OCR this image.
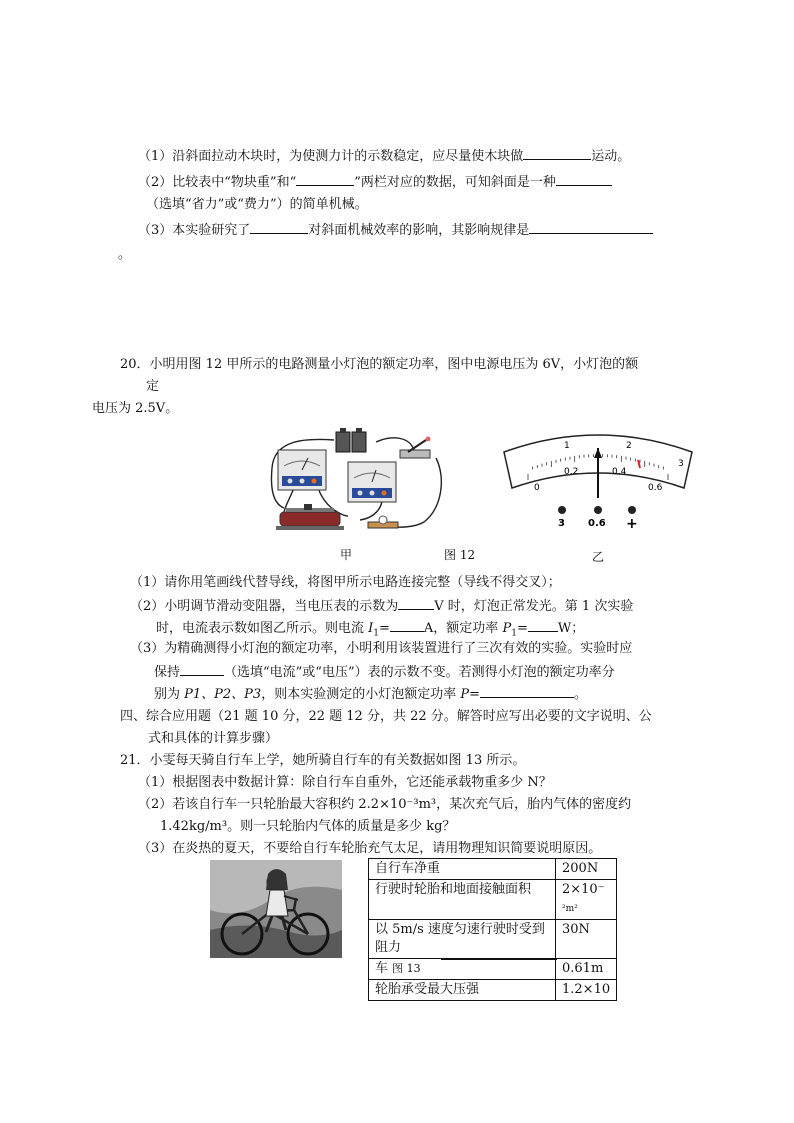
（1）沿斜面拉动木块时，为使测力计的示数稳定，应尽量使木块做	运动。
（2）比较表中“物块重”和“	”两栏对应的数据，可知斜面是一种
（选填“省力”或“费力”）的简单机械。
（3）本实验研究了	对斜面机械效率的影响，其影响规律是
。
20．小明用图 12 甲所示的电路测量小灯泡的额定功率，图中电源电压为 6V，小灯泡的额
定
电压为 2.5V。
1	2
3
0
0.2	0.4
0.6
3 0.6 +
甲	图 12	乙
（1）请你用笔画线代替导线，将图甲所示电路连接完整（导线不得交叉）；
（2）小明调节滑动变阻器，当电压表的示数为	V 时，灯泡正常发光。第 1 次实验
时，电流表示数如图乙所示。则电流 $I_1=$	A，额定功率 $P_1= W$；
（3）为精确测得小灯泡的额定功率，小明利用该装置进行了三次有效的实验。实验时应
保持	（选填“电流”或“电压”）表的示数不变。若测得小灯泡的额定功率分
别为 P1、P2、P3，则本实验测定的小灯泡额定功率 P=	。
四、综合应用题（21 题 10 分，22 题 12 分，共 22 分。解答时应写出必要的文字说明、公
式和具体的计算步骤）
21．小雯每天骑自行车上学，她所骑自行车的有关数据如图 13 所示。
（1）根据图表中数据计算：除自行车自重外，它还能承载物重多少 N？
（2）若该自行车一只轮胎最大容积约 2.2×10⁻³m³，某次充气后，胎内气体的密度约
1.42kg/m³。则一只轮胎内气体的质量是多少 kg？
（3）在炎热的夏天，不要给自行车轮胎充气太足，请用物理知识简要说明原因。
自行车净重	200N
行驶时轮胎和地面接触面积	2×10⁻
²m²
以 5m/s 速度匀速行驶时受到
阻力	30N
车 图 13	0.61m
轮胎承受最大压强	1.2×10
